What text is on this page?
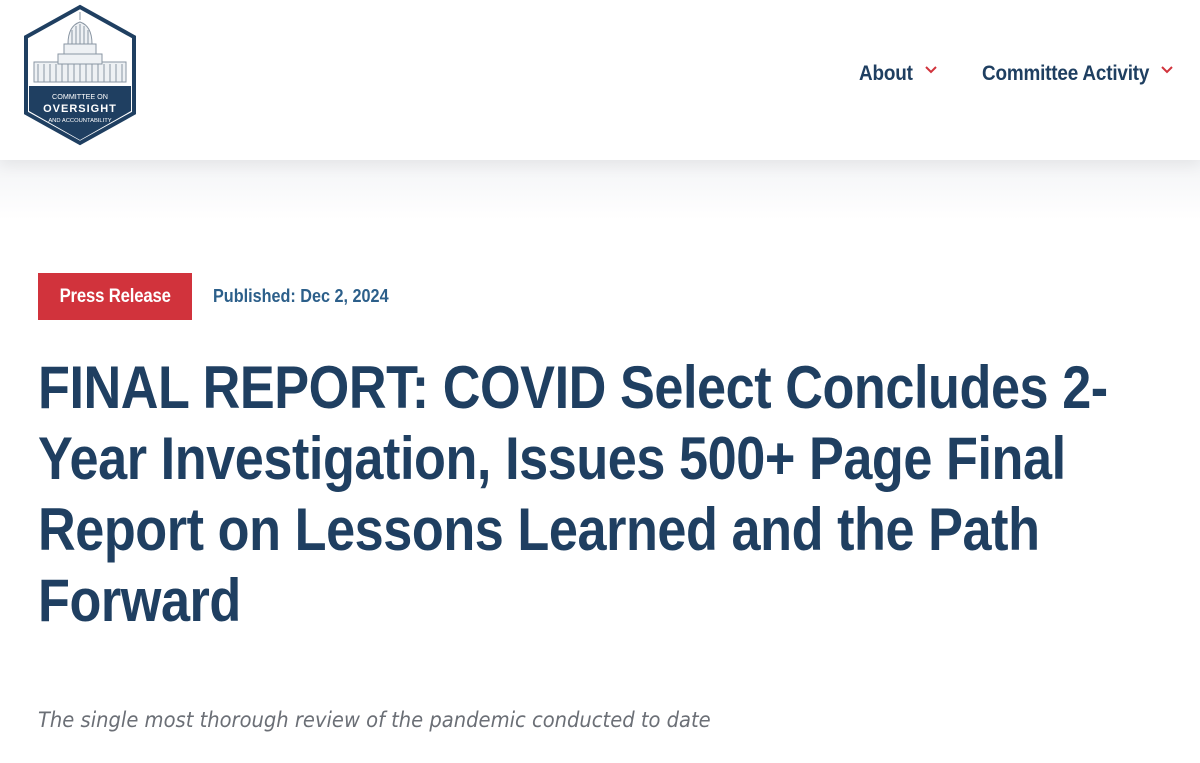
COMMITTEE ON
OVERSIGHT
AND ACCOUNTABILITY
About	Committee Activity
Press Release Published: Dec 2, 2024
FINAL REPORT: COVID Select Concludes 2-Year Investigation, Issues 500+ Page Final Report on Lessons Learned and the Path Forward

The single most thorough review of the pandemic conducted to date
